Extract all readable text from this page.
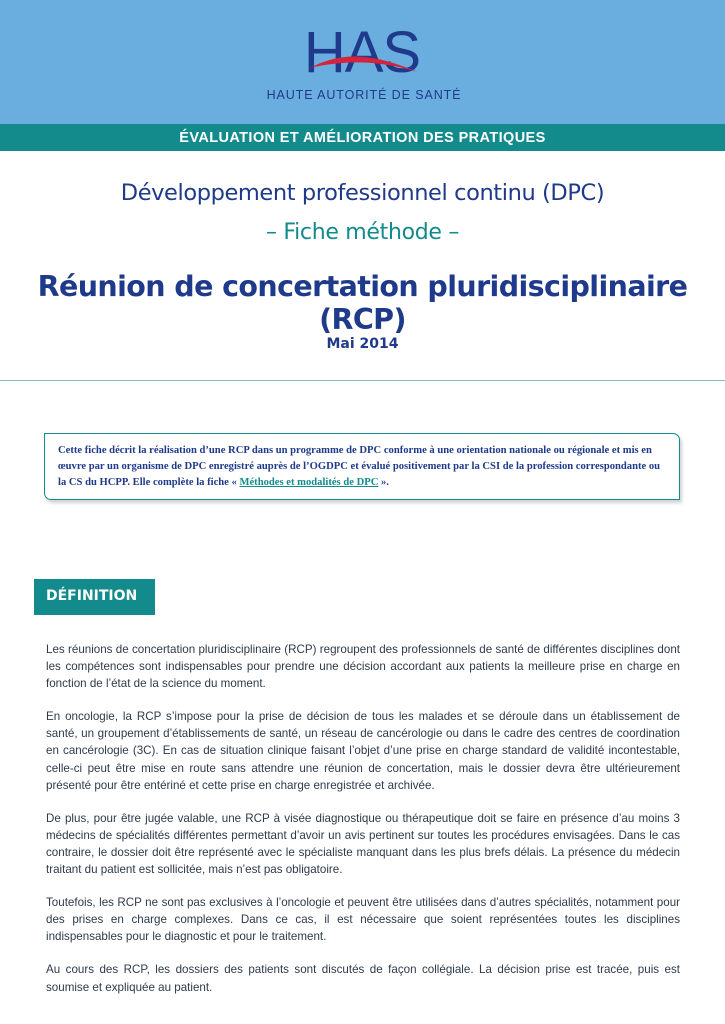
HAS
HAUTE AUTORITÉ DE SANTÉ
ÉVALUATION ET AMÉLIORATION DES PRATIQUES
Développement professionnel continu (DPC)
– Fiche méthode –
Réunion de concertation pluridisciplinaire (RCP)
Mai 2014

Cette fiche décrit la réalisation d’une RCP dans un programme de DPC conforme à une orientation nationale ou régionale et mis en œuvre par un organisme de DPC enregistré auprès de l’OGDPC et évalué positivement par la CSI de la profession correspondante ou la CS du HCPP. Elle complète la fiche « Méthodes et modalités de DPC ».

DÉFINITION

Les réunions de concertation pluridisciplinaire (RCP) regroupent des professionnels de santé de différentes disciplines dont les compétences sont indispensables pour prendre une décision accordant aux patients la meilleure prise en charge en fonction de l’état de la science du moment.

En oncologie, la RCP s’impose pour la prise de décision de tous les malades et se déroule dans un établissement de santé, un groupement d’établissements de santé, un réseau de cancérologie ou dans le cadre des centres de coordination en cancérologie (3C). En cas de situation clinique faisant l’objet d’une prise en charge standard de validité incontestable, celle-ci peut être mise en route sans attendre une réunion de concertation, mais le dossier devra être ultérieurement présenté pour être entériné et cette prise en charge enregistrée et archivée.

De plus, pour être jugée valable, une RCP à visée diagnostique ou thérapeutique doit se faire en présence d’au moins 3 médecins de spécialités différentes permettant d’avoir un avis pertinent sur toutes les procédures envisagées. Dans le cas contraire, le dossier doit être représenté avec le spécialiste manquant dans les plus brefs délais. La présence du médecin traitant du patient est sollicitée, mais n’est pas obligatoire.

Toutefois, les RCP ne sont pas exclusives à l’oncologie et peuvent être utilisées dans d’autres spécialités, notamment pour des prises en charge complexes. Dans ce cas, il est nécessaire que soient représentées toutes les disciplines indispensables pour le diagnostic et pour le traitement.

Au cours des RCP, les dossiers des patients sont discutés de façon collégiale. La décision prise est tracée, puis est soumise et expliquée au patient.
